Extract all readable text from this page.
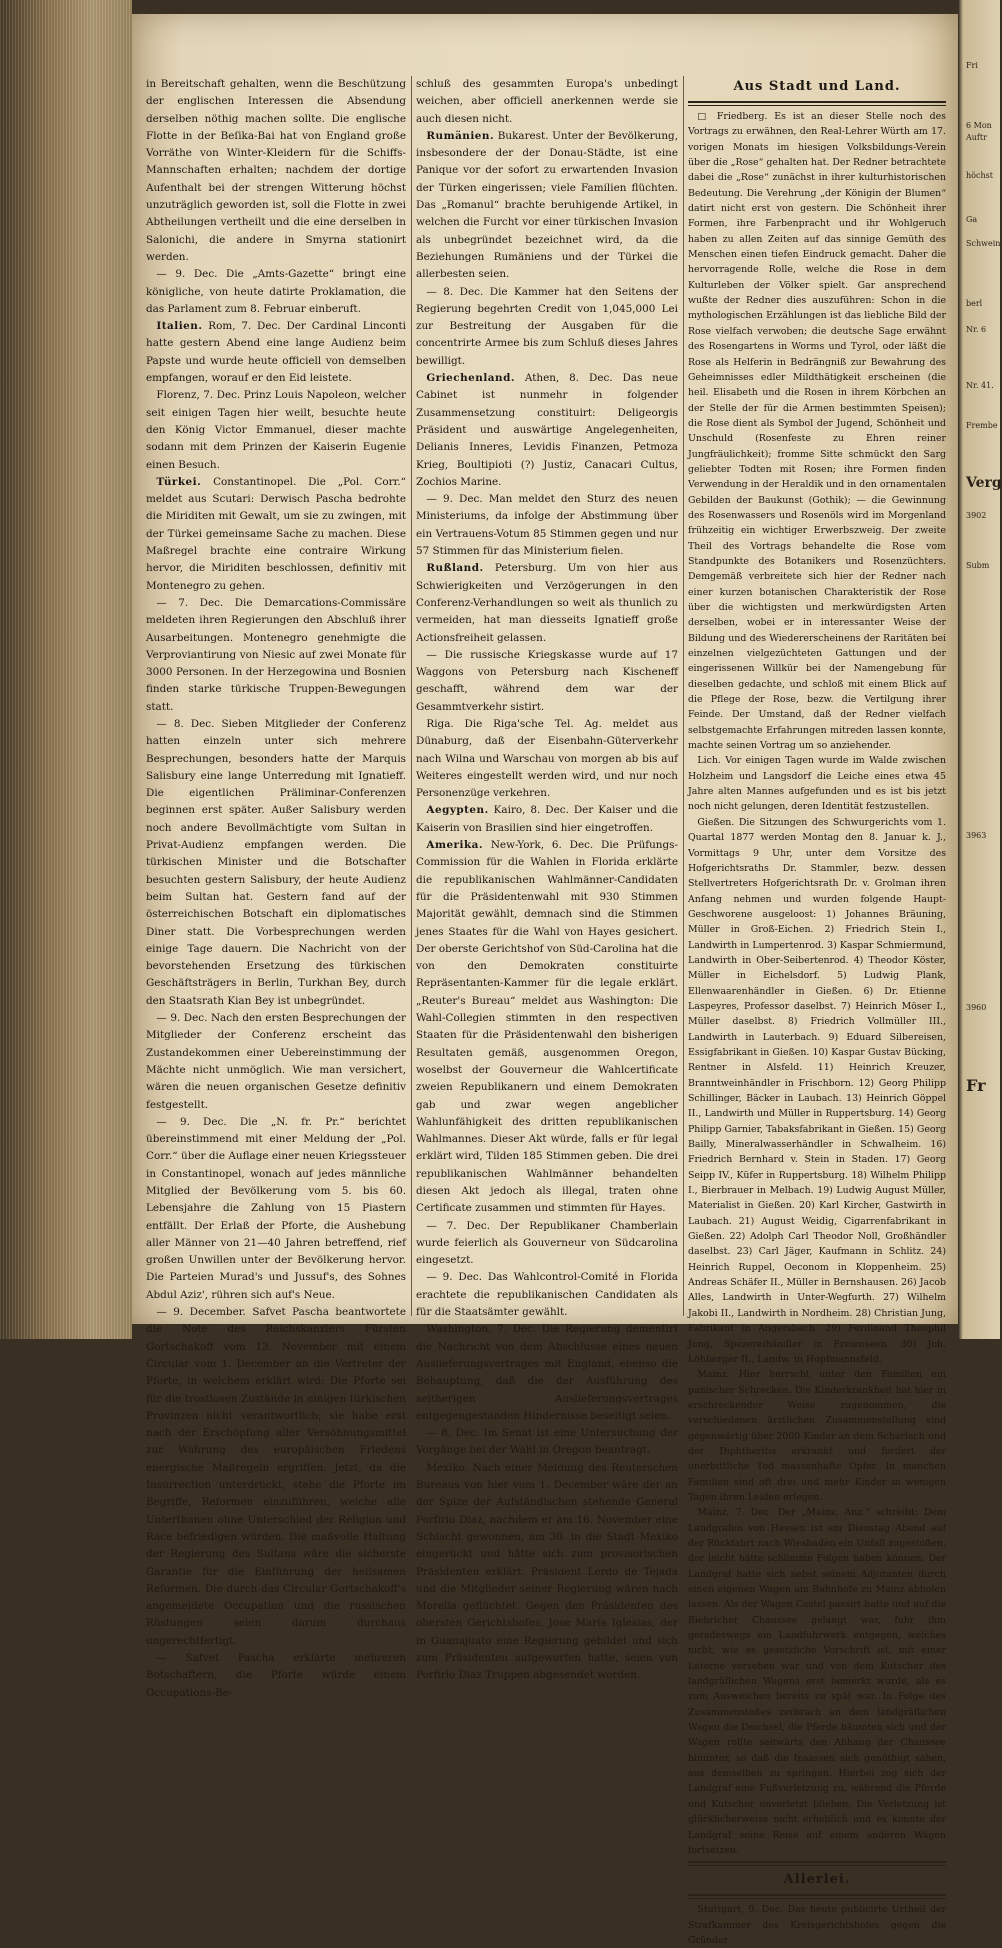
in Bereitschaft gehalten, wenn die Beschützung der englischen Interessen die Absendung derselben nöthig machen sollte. Die englische Flotte in der Beſika-Bai hat von England große Vorräthe von Winter-Kleidern für die Schiffs-Mannschaften erhalten; nachdem der dortige Aufenthalt bei der strengen Witterung höchst unzuträglich geworden ist, soll die Flotte in zwei Abtheilungen vertheilt und die eine derselben in Salonichi, die andere in Smyrna stationirt werden.

— 9. Dec. Die „Amts-Gazette“ bringt eine königliche, von heute datirte Proklamation, die das Parlament zum 8. Februar einberuft.

Italien. Rom, 7. Dec. Der Cardinal Linconti hatte gestern Abend eine lange Audienz beim Papste und wurde heute officiell von demselben empfangen, worauf er den Eid leistete.

Florenz, 7. Dec. Prinz Louis Napoleon, welcher seit einigen Tagen hier weilt, besuchte heute den König Victor Emmanuel, dieser machte sodann mit dem Prinzen der Kaiserin Eugenie einen Besuch.

Türkei. Constantinopel. Die „Pol. Corr.“ meldet aus Scutari: Derwisch Pascha bedrohte die Miriditen mit Gewalt, um sie zu zwingen, mit der Türkei gemeinsame Sache zu machen. Diese Maßregel brachte eine contraire Wirkung hervor, die Miriditen beschlossen, definitiv mit Montenegro zu gehen.

— 7. Dec. Die Demarcations-Commissäre meldeten ihren Regierungen den Abschluß ihrer Ausarbeitungen. Montenegro genehmigte die Verproviantirung von Niesic auf zwei Monate für 3000 Personen. In der Herzegowina und Bosnien finden starke türkische Truppen-Bewegungen statt.

— 8. Dec. Sieben Mitglieder der Conferenz hatten einzeln unter sich mehrere Besprechungen, besonders hatte der Marquis Salisbury eine lange Unterredung mit Ignatieff. Die eigentlichen Präliminar-Conferenzen beginnen erst später. Außer Salisbury werden noch andere Bevollmächtigte vom Sultan in Privat-Audienz empfangen werden. Die türkischen Minister und die Botschafter besuchten gestern Salisbury, der heute Audienz beim Sultan hat. Gestern fand auf der österreichischen Botschaft ein diplomatisches Diner statt. Die Vorbesprechungen werden einige Tage dauern. Die Nachricht von der bevorstehenden Ersetzung des türkischen Geschäftsträgers in Berlin, Turkhan Bey, durch den Staatsrath Kian Bey ist unbegründet.

— 9. Dec. Nach den ersten Besprechungen der Mitglieder der Conferenz erscheint das Zustandekommen einer Uebereinstimmung der Mächte nicht unmöglich. Wie man versichert, wären die neuen organischen Gesetze definitiv festgestellt.

— 9. Dec. Die „N. fr. Pr.“ berichtet übereinstimmend mit einer Meldung der „Pol. Corr.“ über die Auflage einer neuen Kriegssteuer in Constantinopel, wonach auf jedes männliche Mitglied der Bevölkerung vom 5. bis 60. Lebensjahre die Zahlung von 15 Piastern entfällt. Der Erlaß der Pforte, die Aushebung aller Männer von 21—40 Jahren betreffend, rief großen Unwillen unter der Bevölkerung hervor. Die Parteien Murad's und Jussuf's, des Sohnes Abdul Aziz', rühren sich auf's Neue.

— 9. December. Safvet Pascha beantwortete die Note des Reichskanzlers Fürsten Gortschakoff vom 13. November mit einem Circular vom 1. December an die Vertreter der Pforte, in welchem erklärt wird: Die Pforte sei für die trostlosen Zustände in einigen türkischen Provinzen nicht verantwortlich; sie habe erst nach der Erschöpfung aller Versöhnungsmittel zur Wahrung des europäischen Friedens energische Maßregeln ergriffen. Jetzt, da die Insurrection unterdrückt, stehe die Pforte im Begriffe, Reformen einzuführen, welche alle Unterthanen ohne Unterschied der Religion und Race befriedigen würden. Die maßvolle Haltung der Regierung des Sultans wäre die sicherste Garantie für die Einführung der heilsamen Reformen. Die durch das Circular Gortschakoff's angemeldete Occupation und die russischen Rüstungen seien darum durchaus ungerechtfertigt.

— Safvet Pascha erklärte mehreren Botschaftern, die Pforte würde einem Occupations-Be-

schluß des gesammten Europa's unbedingt weichen, aber officiell anerkennen werde sie auch diesen nicht.

Rumänien. Bukarest. Unter der Bevölkerung, insbesondere der der Donau-Städte, ist eine Panique vor der sofort zu erwartenden Invasion der Türken eingerissen; viele Familien flüchten. Das „Romanul“ brachte beruhigende Artikel, in welchen die Furcht vor einer türkischen Invasion als unbegründet bezeichnet wird, da die Beziehungen Rumäniens und der Türkei die allerbesten seien.

— 8. Dec. Die Kammer hat den Seitens der Regierung begehrten Credit von 1,045,000 Lei zur Bestreitung der Ausgaben für die concentrirte Armee bis zum Schluß dieses Jahres bewilligt.

Griechenland. Athen, 8. Dec. Das neue Cabinet ist nunmehr in folgender Zusammensetzung constituirt: Deligeorgis Präsident und auswärtige Angelegenheiten, Delianis Inneres, Levidis Finanzen, Petmoza Krieg, Boultipioti (?) Justiz, Canacari Cultus, Zochios Marine.

— 9. Dec. Man meldet den Sturz des neuen Ministeriums, da infolge der Abstimmung über ein Vertrauens-Votum 85 Stimmen gegen und nur 57 Stimmen für das Ministerium fielen.

Rußland. Petersburg. Um von hier aus Schwierigkeiten und Verzögerungen in den Conferenz-Verhandlungen so weit als thunlich zu vermeiden, hat man diesseits Ignatieff große Actionsfreiheit gelassen.

— Die russische Kriegskasse wurde auf 17 Waggons von Petersburg nach Kischeneff geschafft, während dem war der Gesammtverkehr sistirt.

Riga. Die Riga'sche Tel. Ag. meldet aus Dünaburg, daß der Eisenbahn-Güterverkehr nach Wilna und Warschau von morgen ab bis auf Weiteres eingestellt werden wird, und nur noch Personenzüge verkehren.

Aegypten. Kairo, 8. Dec. Der Kaiser und die Kaiserin von Brasilien sind hier eingetroffen.

Amerika. New-York, 6. Dec. Die Prüfungs-Commission für die Wahlen in Florida erklärte die republikanischen Wahlmänner-Candidaten für die Präsidentenwahl mit 930 Stimmen Majorität gewählt, demnach sind die Stimmen jenes Staates für die Wahl von Hayes gesichert. Der oberste Gerichtshof von Süd-Carolina hat die von den Demokraten constituirte Repräsentanten-Kammer für die legale erklärt. „Reuter's Bureau“ meldet aus Washington: Die Wahl-Collegien stimmten in den respectiven Staaten für die Präsidentenwahl den bisherigen Resultaten gemäß, ausgenommen Oregon, woselbst der Gouverneur die Wahlcertificate zweien Republikanern und einem Demokraten gab und zwar wegen angeblicher Wahlunfähigkeit des dritten republikanischen Wahlmannes. Dieser Akt würde, falls er für legal erklärt wird, Tilden 185 Stimmen geben. Die drei republikanischen Wahlmänner behandelten diesen Akt jedoch als illegal, traten ohne Certificate zusammen und stimmten für Hayes.

— 7. Dec. Der Republikaner Chamberlain wurde feierlich als Gouverneur von Südcarolina eingesetzt.

— 9. Dec. Das Wahlcontrol-Comité in Florida erachtete die republikanischen Candidaten als für die Staatsämter gewählt.

Washington, 7. Dec. Die Regierung dementirt die Nachricht von dem Abschlusse eines neuen Auslieferungsvertrages mit England, ebenso die Behauptung, daß die der Ausführung des seitherigen Auslieferungsvertrages entgegengestanden Hindernisse beseitigt seien.

— 8. Dec. Im Senat ist eine Untersuchung der Vorgänge bei der Wahl in Oregon beantragt.

Mexiko. Nach einer Meldung des Reuterschen Bureaus von hier vom 1. December wäre der an der Spize der Aufständischen stehende General Porfirio Diaz, nachdem er am 16. November eine Schlacht gewonnen, am 30. in die Stadt Mexiko eingerückt und hätte sich zum provisorischen Präsidenten erklärt. Präsident Lerdo de Tejada und die Mitglieder seiner Regierung wären nach Morelia geflüchtet. Gegen den Präsidenten des obersten Gerichtshofes, Jose Maria Iglesias, der in Guanajuato eine Regierung gebildet und sich zum Präsidenten aufgeworfen hatte, seien von Porfirio Diaz Truppen abgesendet worden.

Aus Stadt und Land.

□ Friedberg. Es ist an dieser Stelle noch des Vortrags zu erwähnen, den Real-Lehrer Würth am 17. vorigen Monats im hiesigen Volksbildungs-Verein über die „Rose“ gehalten hat. Der Redner betrachtete dabei die „Rose“ zunächst in ihrer kulturhistorischen Bedeutung. Die Verehrung „der Königin der Blumen“ datirt nicht erst von gestern. Die Schönheit ihrer Formen, ihre Farbenpracht und ihr Wohlgeruch haben zu allen Zeiten auf das sinnige Gemüth des Menschen einen tiefen Eindruck gemacht. Daher die hervorragende Rolle, welche die Rose in dem Kulturleben der Völker spielt. Gar ansprechend wußte der Redner dies auszuführen: Schon in die mythologischen Erzählungen ist das liebliche Bild der Rose vielfach verwoben; die deutsche Sage erwähnt des Rosengartens in Worms und Tyrol, oder läßt die Rose als Helferin in Bedrängniß zur Bewahrung des Geheimnisses edler Mildthätigkeit erscheinen (die heil. Elisabeth und die Rosen in ihrem Körbchen an der Stelle der für die Armen bestimmten Speisen); die Rose dient als Symbol der Jugend, Schönheit und Unschuld (Rosenfeste zu Ehren reiner Jungfräulichkeit); fromme Sitte schmückt den Sarg geliebter Todten mit Rosen; ihre Formen finden Verwendung in der Heraldik und in den ornamentalen Gebilden der Baukunst (Gothik); — die Gewinnung des Rosenwassers und Rosenöls wird im Morgenland frühzeitig ein wichtiger Erwerbszweig. Der zweite Theil des Vortrags behandelte die Rose vom Standpunkte des Botanikers und Rosenzüchters. Demgemäß verbreitete sich hier der Redner nach einer kurzen botanischen Charakteristik der Rose über die wichtigsten und merkwürdigsten Arten derselben, wobei er in interessanter Weise der Bildung und des Wiedererscheinens der Raritäten bei einzelnen vielgezüchteten Gattungen und der eingerissenen Willkür bei der Namengebung für dieselben gedachte, und schloß mit einem Blick auf die Pflege der Rose, bezw. die Vertilgung ihrer Feinde. Der Umstand, daß der Redner vielfach selbstgemachte Erfahrungen mitreden lassen konnte, machte seinen Vortrag um so anziehender.

Lich. Vor einigen Tagen wurde im Walde zwischen Holzheim und Langsdorf die Leiche eines etwa 45 Jahre alten Mannes aufgefunden und es ist bis jetzt noch nicht gelungen, deren Identität festzustellen.

Gießen. Die Sitzungen des Schwurgerichts vom 1. Quartal 1877 werden Montag den 8. Januar k. J., Vormittags 9 Uhr, unter dem Vorsitze des Hofgerichtsraths Dr. Stammler, bezw. dessen Stellvertreters Hofgerichtsrath Dr. v. Grolman ihren Anfang nehmen und wurden folgende Haupt-Geschworene ausgeloost: 1) Johannes Bräuning, Müller in Groß-Eichen. 2) Friedrich Stein I., Landwirth in Lumpertenrod. 3) Kaspar Schmiermund, Landwirth in Ober-Seibertenrod. 4) Theodor Köster, Müller in Eichelsdorf. 5) Ludwig Plank, Ellenwaarenhändler in Gießen. 6) Dr. Etienne Laspeyres, Professor daselbst. 7) Heinrich Möser I., Müller daselbst. 8) Friedrich Vollmüller III., Landwirth in Lauterbach. 9) Eduard Silbereisen, Essigfabrikant in Gießen. 10) Kaspar Gustav Bücking, Rentner in Alsfeld. 11) Heinrich Kreuzer, Branntweinhändler in Frischborn. 12) Georg Philipp Schillinger, Bäcker in Laubach. 13) Heinrich Göppel II., Landwirth und Müller in Ruppertsburg. 14) Georg Philipp Garnier, Tabaksfabrikant in Gießen. 15) Georg Bailly, Mineralwasserhändler in Schwalheim. 16) Friedrich Bernhard v. Stein in Staden. 17) Georg Seipp IV., Küfer in Ruppertsburg. 18) Wilhelm Philipp I., Bierbrauer in Melbach. 19) Ludwig August Müller, Materialist in Gießen. 20) Karl Kircher, Gastwirth in Laubach. 21) August Weidig, Cigarrenfabrikant in Gießen. 22) Adolph Carl Theodor Noll, Großhändler daselbst. 23) Carl Jäger, Kaufmann in Schlitz. 24) Heinrich Ruppel, Oeconom in Kloppenheim. 25) Andreas Schäfer II., Müller in Bernshausen. 26) Jacob Alles, Landwirth in Unter-Wegfurth. 27) Wilhelm Jakobi II., Landwirth in Nordheim. 28) Christian Jung, Fabrikant in Angersbach. 29) Ferdinand Theophil Jung, Spezereihändler in Freienseen. 30) Joh. Löhberger II., Landw. in Hopfmannsfeld.

Mainz. Hier herrscht unter den Familien ein panischer Schrecken. Die Kinderkrankheit hat hier in erschreckender Weise zugenommen, die verschiedenen ärztlichen Zusammenstellung sind gegenwärtig über 2000 Kinder an dem Scharlach und der Diphtheritis erkrankt und fordert der unerbittliche Tod massenhafte Opfer. In manchen Familien sind oft drei und mehr Kinder in wenigen Tagen ihren Leiden erlegen.

Mainz, 7. Dec. Der „Mainz. Anz.“ schreibt: Dem Landgrafen von Hessen ist am Dienstag Abend auf der Rückfahrt nach Wiesbaden ein Unfall zugestoßen, der leicht hätte schlimme Folgen haben können. Der Landgraf hatte sich nebst seinem Adjutanten durch einen eigenen Wagen am Bahnhofe zu Mainz abholen lassen. Als der Wagen Castel passirt hatte und auf die Biebricher Chaussee gelangt war, fuhr ihm geradeswegs ein Landfuhrwerk entgegen, welches nicht, wie es gesetzliche Vorschrift ist, mit einer Laterne versehen war und von dem Kutscher des landgräflichen Wagens erst bemerkt wurde, als es zum Ausweichen bereits zu spät war. In Folge des Zusammenstoßes zerbrach an dem landgräflichen Wagen die Deichsel, die Pferde bäumten sich und der Wagen rollte seitwärts den Abhang der Chaussee hinunter, so daß die Insassen sich genöthigt sahen, aus demselben zu springen. Hierbei zog sich der Landgraf eine Fußverletzung zu, während die Pferde und Kutscher unverletzt blieben. Die Verletzung ist glücklicherweise nicht erheblich und es konnte der Landgraf seine Reise auf einem anderen Wagen fortsetzen.

Allerlei.

Stuttgart, 9. Dec. Das heute publicirte Urtheil der Strafkammer des Kreisgerichtshofes gegen die Gründer

Fri
6 Mon
Auftr
höchst
Ga
Schwein
berl
Nr. 6
Nr. 41.
Frembe
Verg
3902
Subm
3963
3960
Fr
